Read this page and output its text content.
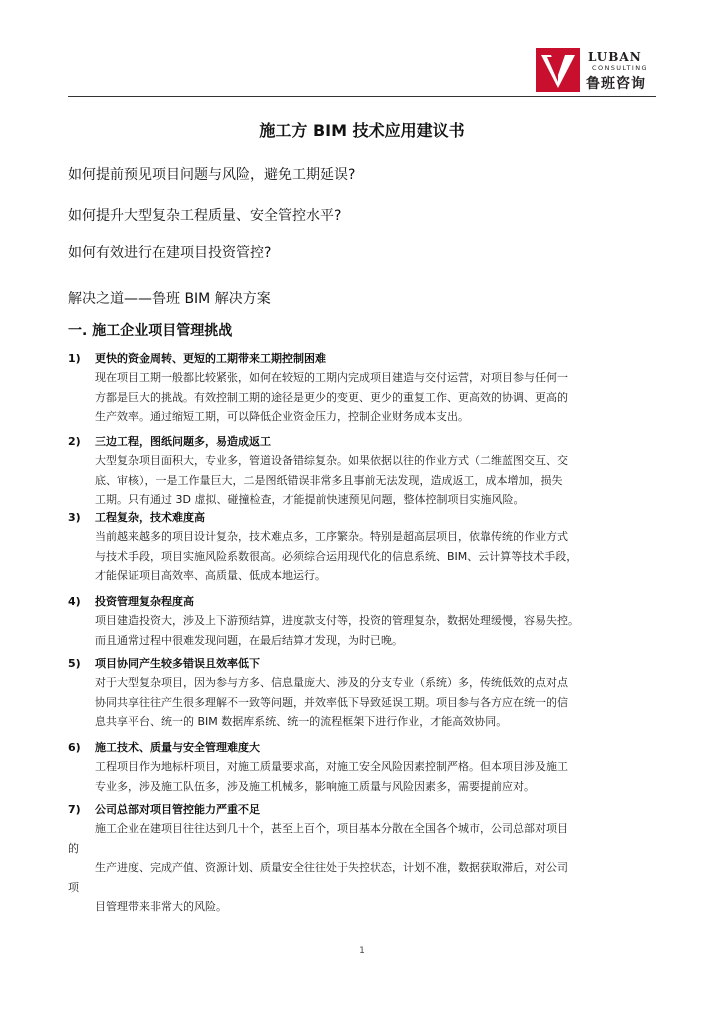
LUBAN
CONSULTING
鲁班咨询
施工方 BIM 技术应用建议书
如何提前预见项目问题与风险，避免工期延误?
如何提升大型复杂工程质量、安全管控水平?
如何有效进行在建项目投资管控?
解决之道——鲁班 BIM 解决方案
一. 施工企业项目管理挑战
1) 更快的资金周转、更短的工期带来工期控制困难
现在项目工期一般都比较紧张，如何在较短的工期内完成项目建造与交付运营，对项目参与任何一
方都是巨大的挑战。有效控制工期的途径是更少的变更、更少的重复工作、更高效的协调、更高的
生产效率。通过缩短工期，可以降低企业资金压力，控制企业财务成本支出。
2) 三边工程，图纸问题多，易造成返工
大型复杂项目面积大，专业多，管道设备错综复杂。如果依据以往的作业方式（二维蓝图交互、交
底、审核），一是工作量巨大，二是图纸错误非常多且事前无法发现，造成返工，成本增加，损失
工期。只有通过 3D 虚拟、碰撞检查，才能提前快速预见问题，整体控制项目实施风险。
3) 工程复杂，技术难度高
当前越来越多的项目设计复杂，技术难点多，工序繁杂。特别是超高层项目，依靠传统的作业方式
与技术手段，项目实施风险系数很高。必须综合运用现代化的信息系统、BIM、云计算等技术手段，
才能保证项目高效率、高质量、低成本地运行。
4) 投资管理复杂程度高
项目建造投资大，涉及上下游预结算，进度款支付等，投资的管理复杂，数据处理缓慢，容易失控。
而且通常过程中很难发现问题，在最后结算才发现，为时已晚。
5) 项目协同产生较多错误且效率低下
对于大型复杂项目，因为参与方多、信息量庞大、涉及的分支专业（系统）多，传统低效的点对点
协同共享往往产生很多理解不一致等问题，并效率低下导致延误工期。项目参与各方应在统一的信
息共享平台、统一的 BIM 数据库系统、统一的流程框架下进行作业，才能高效协同。
6) 施工技术、质量与安全管理难度大
工程项目作为地标杆项目，对施工质量要求高，对施工安全风险因素控制严格。但本项目涉及施工
专业多，涉及施工队伍多，涉及施工机械多，影响施工质量与风险因素多，需要提前应对。
7) 公司总部对项目管控能力严重不足
施工企业在建项目往往达到几十个，甚至上百个，项目基本分散在全国各个城市，公司总部对项目
的
生产进度、完成产值、资源计划、质量安全往往处于失控状态，计划不准，数据获取滞后，对公司
项
目管理带来非常大的风险。
1
